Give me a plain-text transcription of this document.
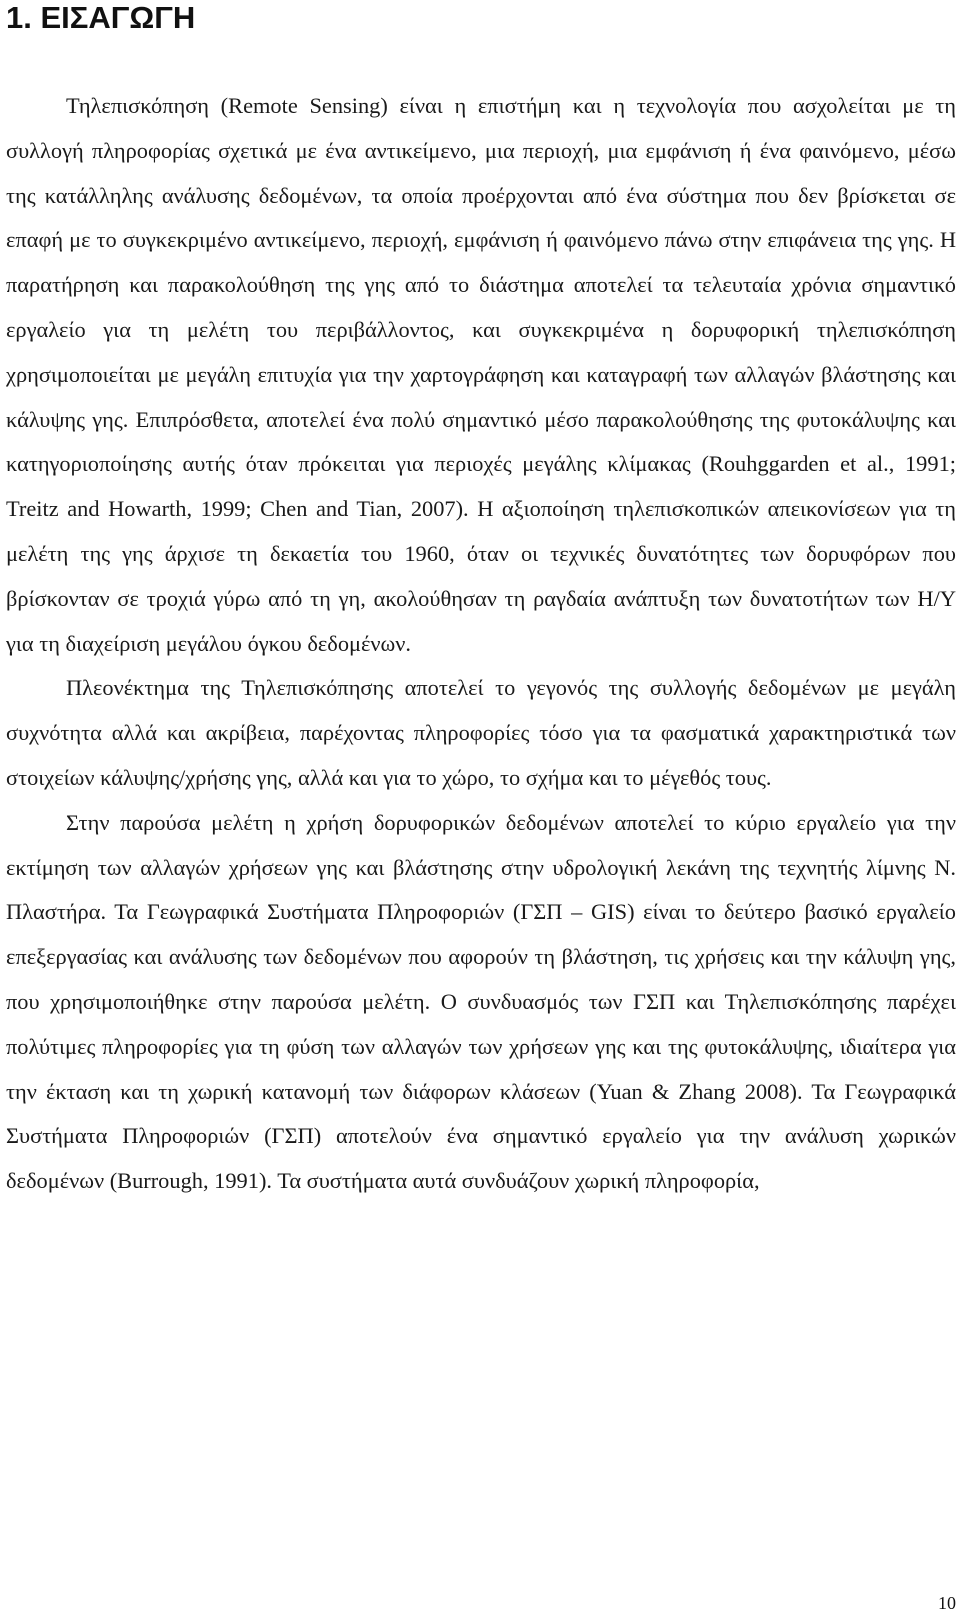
1. ΕΙΣΑΓΩΓΗ

Τηλεπισκόπηση (Remote Sensing) είναι η επιστήμη και η τεχνολογία που ασχολείται με τη συλλογή πληροφορίας σχετικά με ένα αντικείμενο, μια περιοχή, μια εμφάνιση ή ένα φαινόμενο, μέσω της κατάλληλης ανάλυσης δεδομένων, τα οποία προέρχονται από ένα σύστημα που δεν βρίσκεται σε επαφή με το συγκεκριμένο αντικείμενο, περιοχή, εμφάνιση ή φαινόμενο πάνω στην επιφάνεια της γης. Η παρατήρηση και παρακολούθηση της γης από το διάστημα αποτελεί τα τελευταία χρόνια σημαντικό εργαλείο για τη μελέτη του περιβάλλοντος, και συγκεκριμένα η δορυφορική τηλεπισκόπηση χρησιμοποιείται με μεγάλη επιτυχία για την χαρτογράφηση και καταγραφή των αλλαγών βλάστησης και κάλυψης γης. Επιπρόσθετα, αποτελεί ένα πολύ σημαντικό μέσο παρακολούθησης της φυτοκάλυψης και κατηγοριοποίησης αυτής όταν πρόκειται για περιοχές μεγάλης κλίμακας (Rouhggarden et al., 1991; Treitz and Howarth, 1999; Chen and Tian, 2007). Η αξιοποίηση τηλεπισκοπικών απεικονίσεων για τη μελέτη της γης άρχισε τη δεκαετία του 1960, όταν οι τεχνικές δυνατότητες των δορυφόρων που βρίσκονταν σε τροχιά γύρω από τη γη, ακολούθησαν τη ραγδαία ανάπτυξη των δυνατοτήτων των Η/Υ για τη διαχείριση μεγάλου όγκου δεδομένων.

Πλεονέκτημα της Τηλεπισκόπησης αποτελεί το γεγονός της συλλογής δεδομένων με μεγάλη συχνότητα αλλά και ακρίβεια, παρέχοντας πληροφορίες τόσο για τα φασματικά χαρακτηριστικά των στοιχείων κάλυψης/χρήσης γης, αλλά και για το χώρο, το σχήμα και το μέγεθός τους.

Στην παρούσα μελέτη η χρήση δορυφορικών δεδομένων αποτελεί το κύριο εργαλείο για την εκτίμηση των αλλαγών χρήσεων γης και βλάστησης στην υδρολογική λεκάνη της τεχνητής λίμνης Ν. Πλαστήρα. Τα Γεωγραφικά Συστήματα Πληροφοριών (ΓΣΠ – GIS) είναι το δεύτερο βασικό εργαλείο επεξεργασίας και ανάλυσης των δεδομένων που αφορούν τη βλάστηση, τις χρήσεις και την κάλυψη γης, που χρησιμοποιήθηκε στην παρούσα μελέτη. Ο συνδυασμός των ΓΣΠ και Τηλεπισκόπησης παρέχει πολύτιμες πληροφορίες για τη φύση των αλλαγών των χρήσεων γης και της φυτοκάλυψης, ιδιαίτερα για την έκταση και τη χωρική κατανομή των διάφορων κλάσεων (Yuan & Zhang 2008). Τα Γεωγραφικά Συστήματα Πληροφοριών (ΓΣΠ) αποτελούν ένα σημαντικό εργαλείο για την ανάλυση χωρικών δεδομένων (Burrough, 1991). Τα συστήματα αυτά συνδυάζουν χωρική πληροφορία,

10
